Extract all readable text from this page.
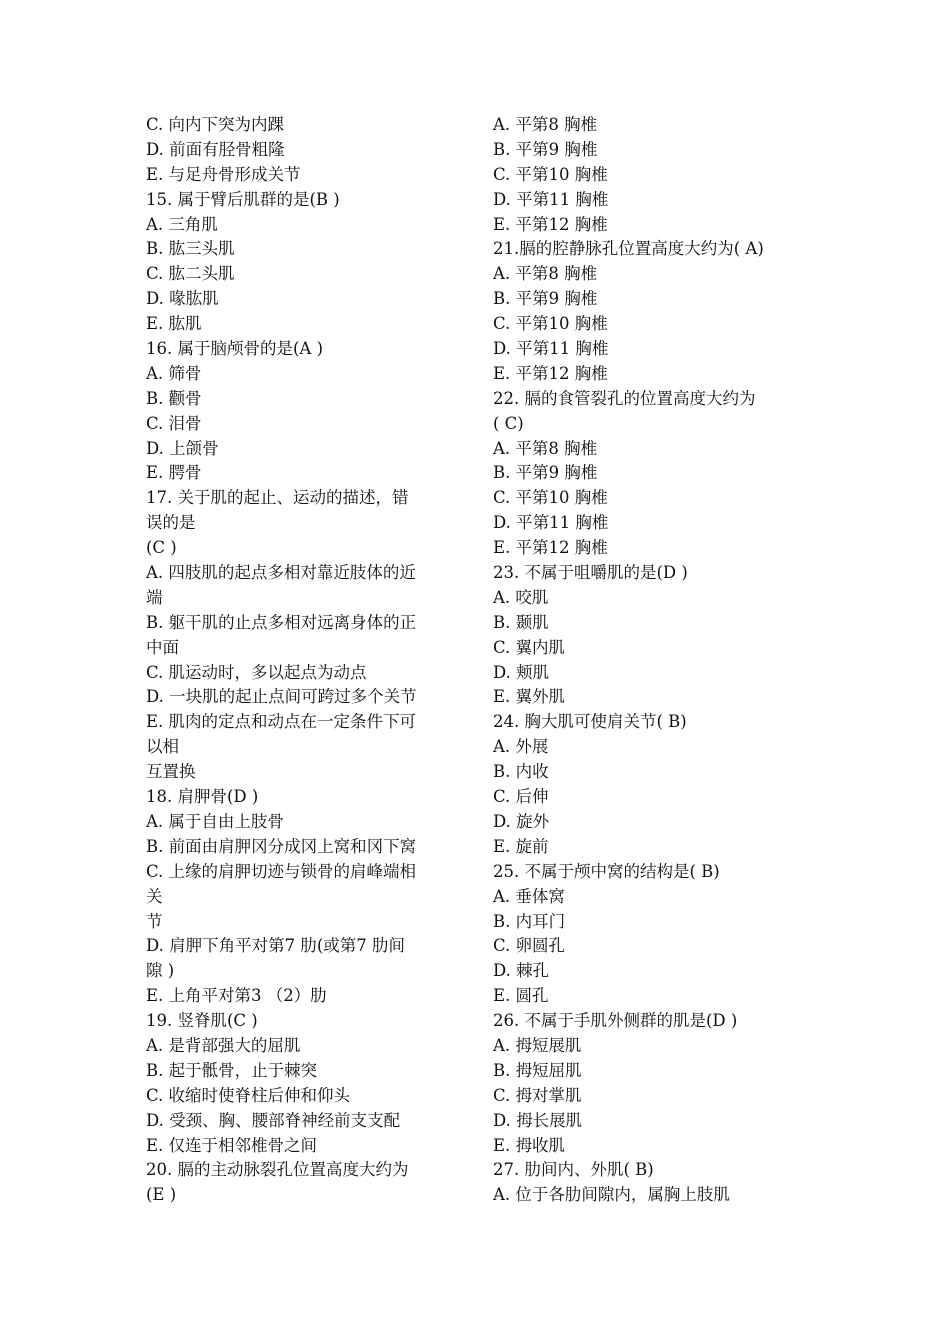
C. 向内下突为内踝
D. 前面有胫骨粗隆
E. 与足舟骨形成关节
15. 属于臂后肌群的是(B )
A. 三角肌
B. 肱三头肌
C. 肱二头肌
D. 喙肱肌
E. 肱肌
16. 属于脑颅骨的是(A )
A. 筛骨
B. 颧骨
C. 泪骨
D. 上颌骨
E. 腭骨
17. 关于肌的起止、运动的描述，错
误的是
(C )
A. 四肢肌的起点多相对靠近肢体的近
端
B. 躯干肌的止点多相对远离身体的正
中面
C. 肌运动时，多以起点为动点
D. 一块肌的起止点间可跨过多个关节
E. 肌肉的定点和动点在一定条件下可
以相
互置换
18. 肩胛骨(D )
A. 属于自由上肢骨
B. 前面由肩胛冈分成冈上窝和冈下窝
C. 上缘的肩胛切迹与锁骨的肩峰端相
关
节
D. 肩胛下角平对第7 肋(或第7 肋间
隙 )
E. 上角平对第3 （2）肋
19. 竖脊肌(C )
A. 是背部强大的屈肌
B. 起于骶骨，止于棘突
C. 收缩时使脊柱后伸和仰头
D. 受颈、胸、腰部脊神经前支支配
E. 仅连于相邻椎骨之间
20. 膈的主动脉裂孔位置高度大约为
(E )
A. 平第8 胸椎
B. 平第9 胸椎
C. 平第10 胸椎
D. 平第11 胸椎
E. 平第12 胸椎
21.膈的腔静脉孔位置高度大约为( A)
A. 平第8 胸椎
B. 平第9 胸椎
C. 平第10 胸椎
D. 平第11 胸椎
E. 平第12 胸椎
22. 膈的食管裂孔的位置高度大约为
( C)
A. 平第8 胸椎
B. 平第9 胸椎
C. 平第10 胸椎
D. 平第11 胸椎
E. 平第12 胸椎
23. 不属于咀嚼肌的是(D )
A. 咬肌
B. 颞肌
C. 翼内肌
D. 颊肌
E. 翼外肌
24. 胸大肌可使肩关节( B)
A. 外展
B. 内收
C. 后伸
D. 旋外
E. 旋前
25. 不属于颅中窝的结构是( B)
A. 垂体窝
B. 内耳门
C. 卵圆孔
D. 棘孔
E. 圆孔
26. 不属于手肌外侧群的肌是(D )
A. 拇短展肌
B. 拇短屈肌
C. 拇对掌肌
D. 拇长展肌
E. 拇收肌
27. 肋间内、外肌( B)
A. 位于各肋间隙内，属胸上肢肌
